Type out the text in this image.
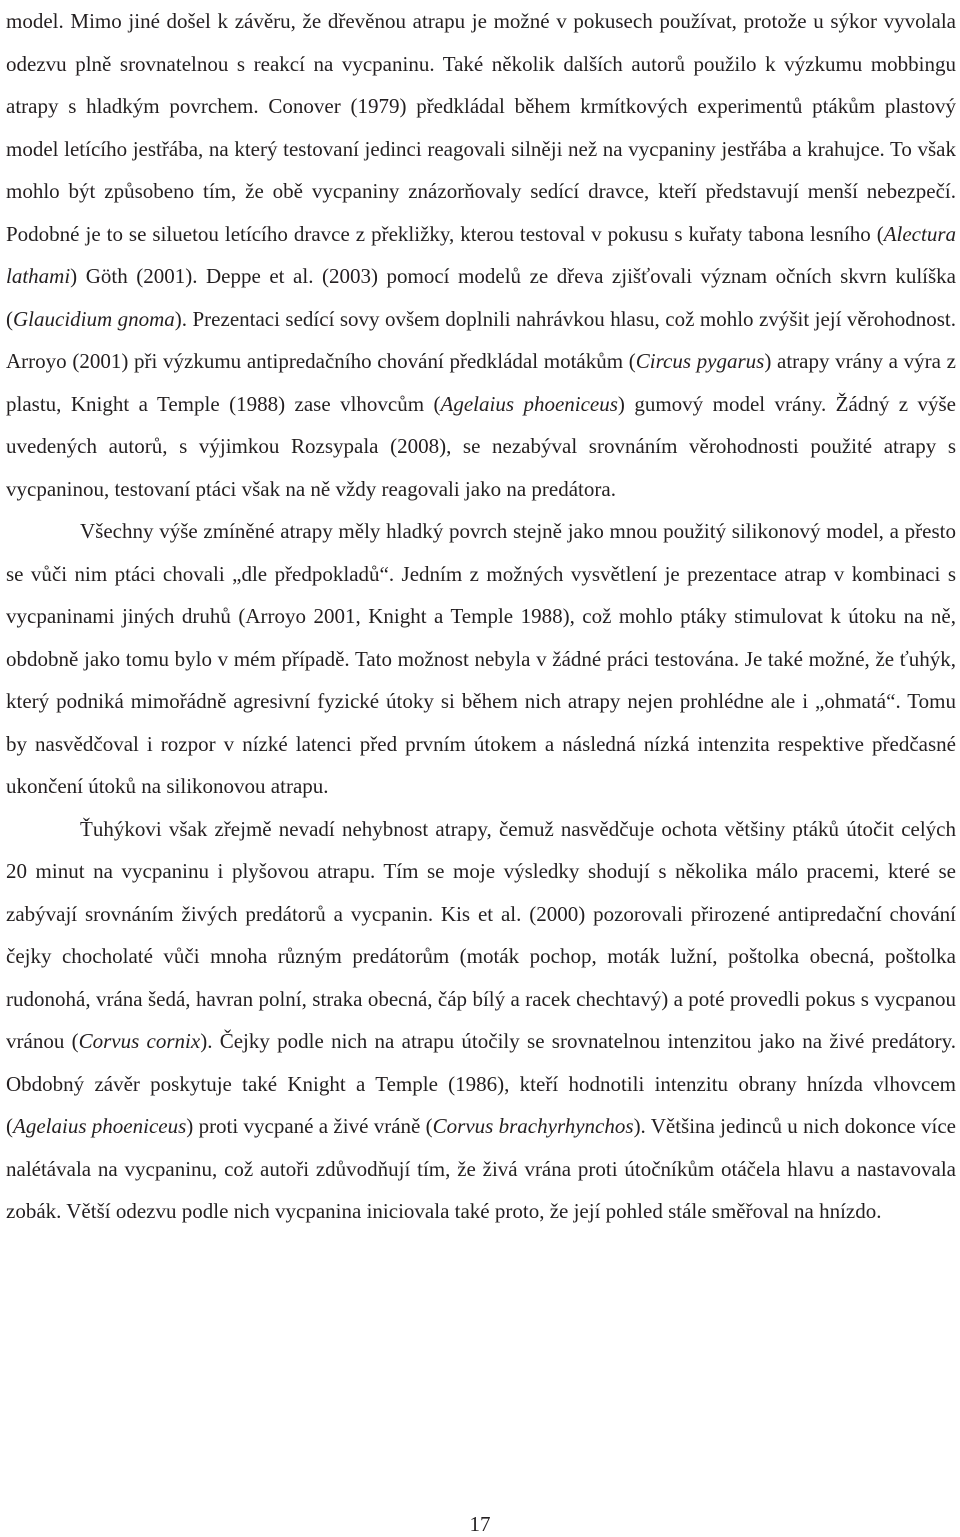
model. Mimo jiné došel k závěru, že dřevěnou atrapu je možné v pokusech používat, protože u sýkor vyvolala odezvu plně srovnatelnou s reakcí na vycpaninu. Také několik dalších autorů použilo k výzkumu mobbingu atrapy s hladkým povrchem. Conover (1979) předkládal během krmítkových experimentů ptákům plastový model letícího jestřába, na který testovaní jedinci reagovali silněji než na vycpaniny jestřába a krahujce. To však mohlo být způsobeno tím, že obě vycpaniny znázorňovaly sedící dravce, kteří představují menší nebezpečí. Podobné je to se siluetou letícího dravce z překližky, kterou testoval v pokusu s kuřaty tabona lesního (Alectura lathami) Göth (2001). Deppe et al. (2003) pomocí modelů ze dřeva zjišťovali význam očních skvrn kulíška (Glaucidium gnoma). Prezentaci sedící sovy ovšem doplnili nahrávkou hlasu, což mohlo zvýšit její věrohodnost. Arroyo (2001) při výzkumu antipredačního chování předkládal motákům (Circus pygarus) atrapy vrány a výra z plastu, Knight a Temple (1988) zase vlhovcům (Agelaius phoeniceus) gumový model vrány. Žádný z výše uvedených autorů, s výjimkou Rozsypala (2008), se nezabýval srovnáním věrohodnosti použité atrapy s vycpaninou, testovaní ptáci však na ně vždy reagovali jako na predátora.

Všechny výše zmíněné atrapy měly hladký povrch stejně jako mnou použitý silikonový model, a přesto se vůči nim ptáci chovali „dle předpokladů“. Jedním z možných vysvětlení je prezentace atrap v kombinaci s vycpaninami jiných druhů (Arroyo 2001, Knight a Temple 1988), což mohlo ptáky stimulovat k útoku na ně, obdobně jako tomu bylo v mém případě. Tato možnost nebyla v žádné práci testována. Je také možné, že ťuhýk, který podniká mimořádně agresivní fyzické útoky si během nich atrapy nejen prohlédne ale i „ohmatá“. Tomu by nasvědčoval i rozpor v nízké latenci před prvním útokem a následná nízká intenzita respektive předčasné ukončení útoků na silikonovou atrapu.

Ťuhýkovi však zřejmě nevadí nehybnost atrapy, čemuž nasvědčuje ochota většiny ptáků útočit celých 20 minut na vycpaninu i plyšovou atrapu. Tím se moje výsledky shodují s několika málo pracemi, které se zabývají srovnáním živých predátorů a vycpanin. Kis et al. (2000) pozorovali přirozené antipredační chování čejky chocholaté vůči mnoha různým predátorům (moták pochop, moták lužní, poštolka obecná, poštolka rudonohá, vrána šedá, havran polní, straka obecná, čáp bílý a racek chechtavý) a poté provedli pokus s vycpanou vránou (Corvus cornix). Čejky podle nich na atrapu útočily se srovnatelnou intenzitou jako na živé predátory. Obdobný závěr poskytuje také Knight a Temple (1986), kteří hodnotili intenzitu obrany hnízda vlhovcem (Agelaius phoeniceus) proti vycpané a živé vráně (Corvus brachyrhynchos). Většina jedinců u nich dokonce více nalétávala na vycpaninu, což autoři zdůvodňují tím, že živá vrána proti útočníkům otáčela hlavu a nastavovala zobák. Větší odezvu podle nich vycpanina iniciovala také proto, že její pohled stále směřoval na hnízdo.

17
